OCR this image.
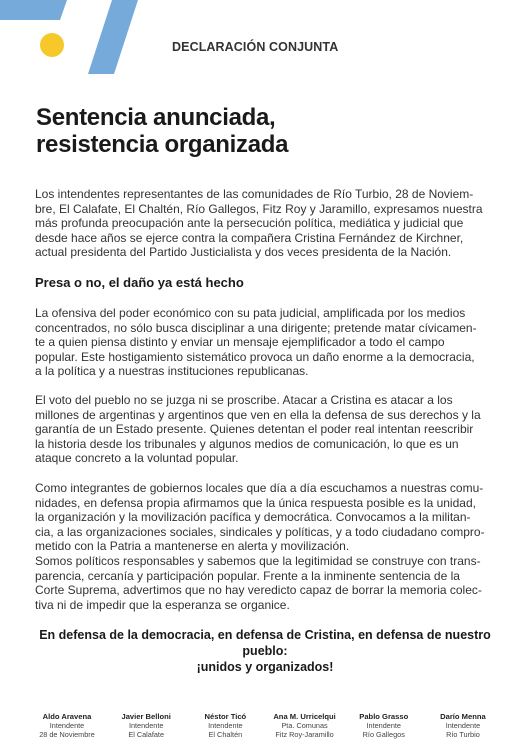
DECLARACIÓN CONJUNTA
Sentencia anunciada,
resistencia organizada
Los intendentes representantes de las comunidades de Río Turbio, 28 de Noviem-
bre, El Calafate, El Chaltén, Río Gallegos, Fitz Roy y Jaramillo, expresamos nuestra
más profunda preocupación ante la persecución política, mediática y judicial que
desde hace años se ejerce contra la compañera Cristina Fernández de Kirchner,
actual presidenta del Partido Justicialista y dos veces presidenta de la Nación.
Presa o no, el daño ya está hecho
La ofensiva del poder económico con su pata judicial, amplificada por los medios
concentrados, no sólo busca disciplinar a una dirigente; pretende matar cívicamen-
te a quien piensa distinto y enviar un mensaje ejemplificador a todo el campo
popular. Este hostigamiento sistemático provoca un daño enorme a la democracia,
a la política y a nuestras instituciones republicanas.
El voto del pueblo no se juzga ni se proscribe. Atacar a Cristina es atacar a los
millones de argentinas y argentinos que ven en ella la defensa de sus derechos y la
garantía de un Estado presente. Quienes detentan el poder real intentan reescribir
la historia desde los tribunales y algunos medios de comunicación, lo que es un
ataque concreto a la voluntad popular.
Como integrantes de gobiernos locales que día a día escuchamos a nuestras comu-
nidades, en defensa propia afirmamos que la única respuesta posible es la unidad,
la organización y la movilización pacífica y democrática. Convocamos a la militan-
cia, a las organizaciones sociales, sindicales y políticas, y a todo ciudadano compro-
metido con la Patria a mantenerse en alerta y movilización.
Somos políticos responsables y sabemos que la legitimidad se construye con trans-
parencia, cercanía y participación popular. Frente a la inminente sentencia de la
Corte Suprema, advertimos que no hay veredicto capaz de borrar la memoria colec-
tiva ni de impedir que la esperanza se organice.
En defensa de la democracia, en defensa de Cristina, en defensa de nuestro pueblo:
¡unidos y organizados!
Aldo Aravena
Intendente
28 de Noviembre
Javier Belloni
Intendente
El Calafate
Néstor Ticó
Intendente
El Chaltén
Ana M. Urricelqui
Pta. Comunas
Fitz Roy-Jaramillo
Pablo Grasso
Intendente
Río Gallegos
Darío Menna
Intendente
Río Turbio
